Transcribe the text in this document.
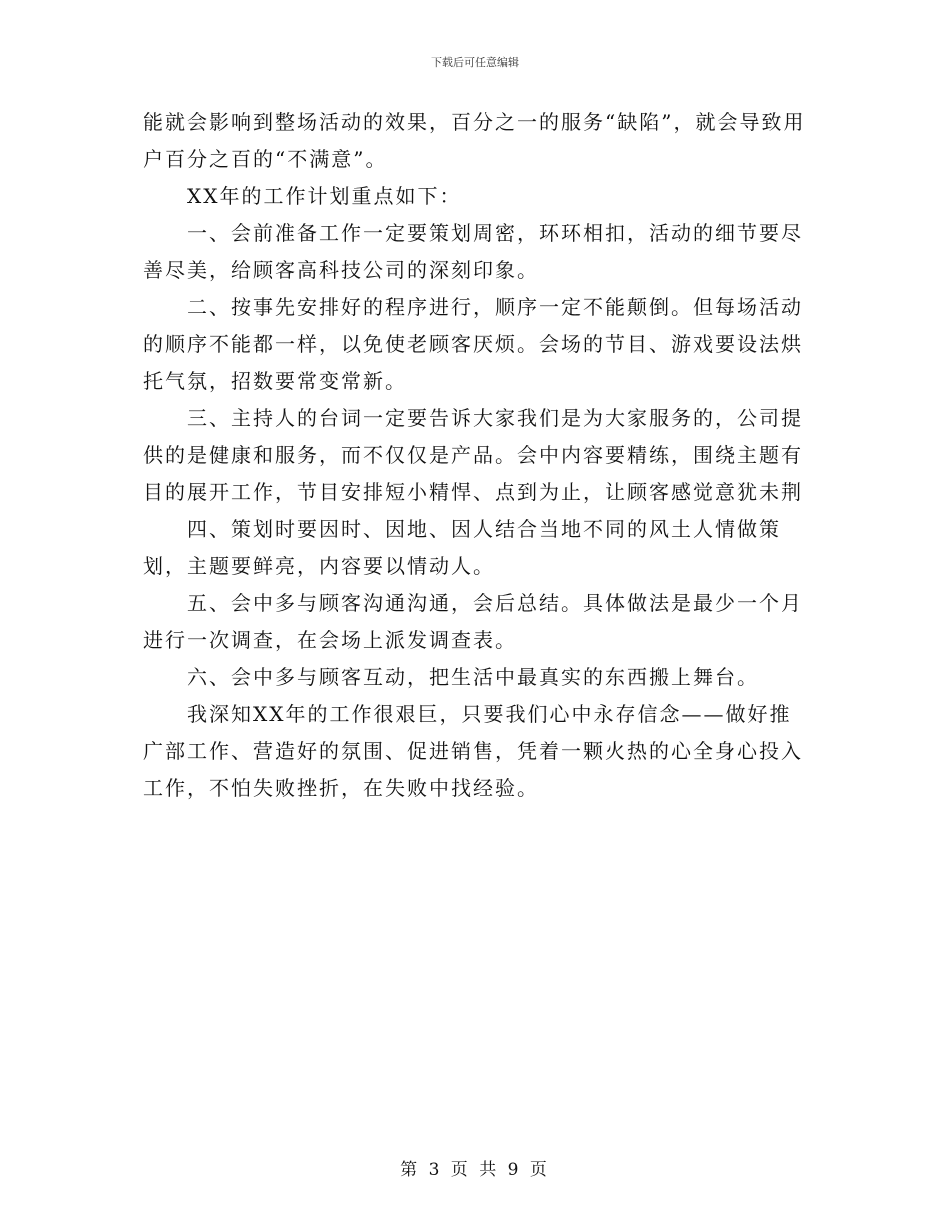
下载后可任意编辑

能就会影响到整场活动的效果，百分之一的服务“缺陷”，就会导致用户百分之百的“不满意”。

XX年的工作计划重点如下：

一、会前准备工作一定要策划周密，环环相扣，活动的细节要尽善尽美，给顾客高科技公司的深刻印象。

二、按事先安排好的程序进行，顺序一定不能颠倒。但每场活动的顺序不能都一样，以免使老顾客厌烦。会场的节目、游戏要设法烘托气氛，招数要常变常新。

三、主持人的台词一定要告诉大家我们是为大家服务的，公司提供的是健康和服务，而不仅仅是产品。会中内容要精练，围绕主题有目的展开工作，节目安排短小精悍、点到为止，让顾客感觉意犹未荆

四、策划时要因时、因地、因人结合当地不同的风土人情做策划，主题要鲜亮，内容要以情动人。

五、会中多与顾客沟通沟通，会后总结。具体做法是最少一个月进行一次调查，在会场上派发调查表。

六、会中多与顾客互动，把生活中最真实的东西搬上舞台。

我深知XX年的工作很艰巨，只要我们心中永存信念——做好推广部工作、营造好的氛围、促进销售，凭着一颗火热的心全身心投入工作，不怕失败挫折，在失败中找经验。

第 3 页 共 9 页
